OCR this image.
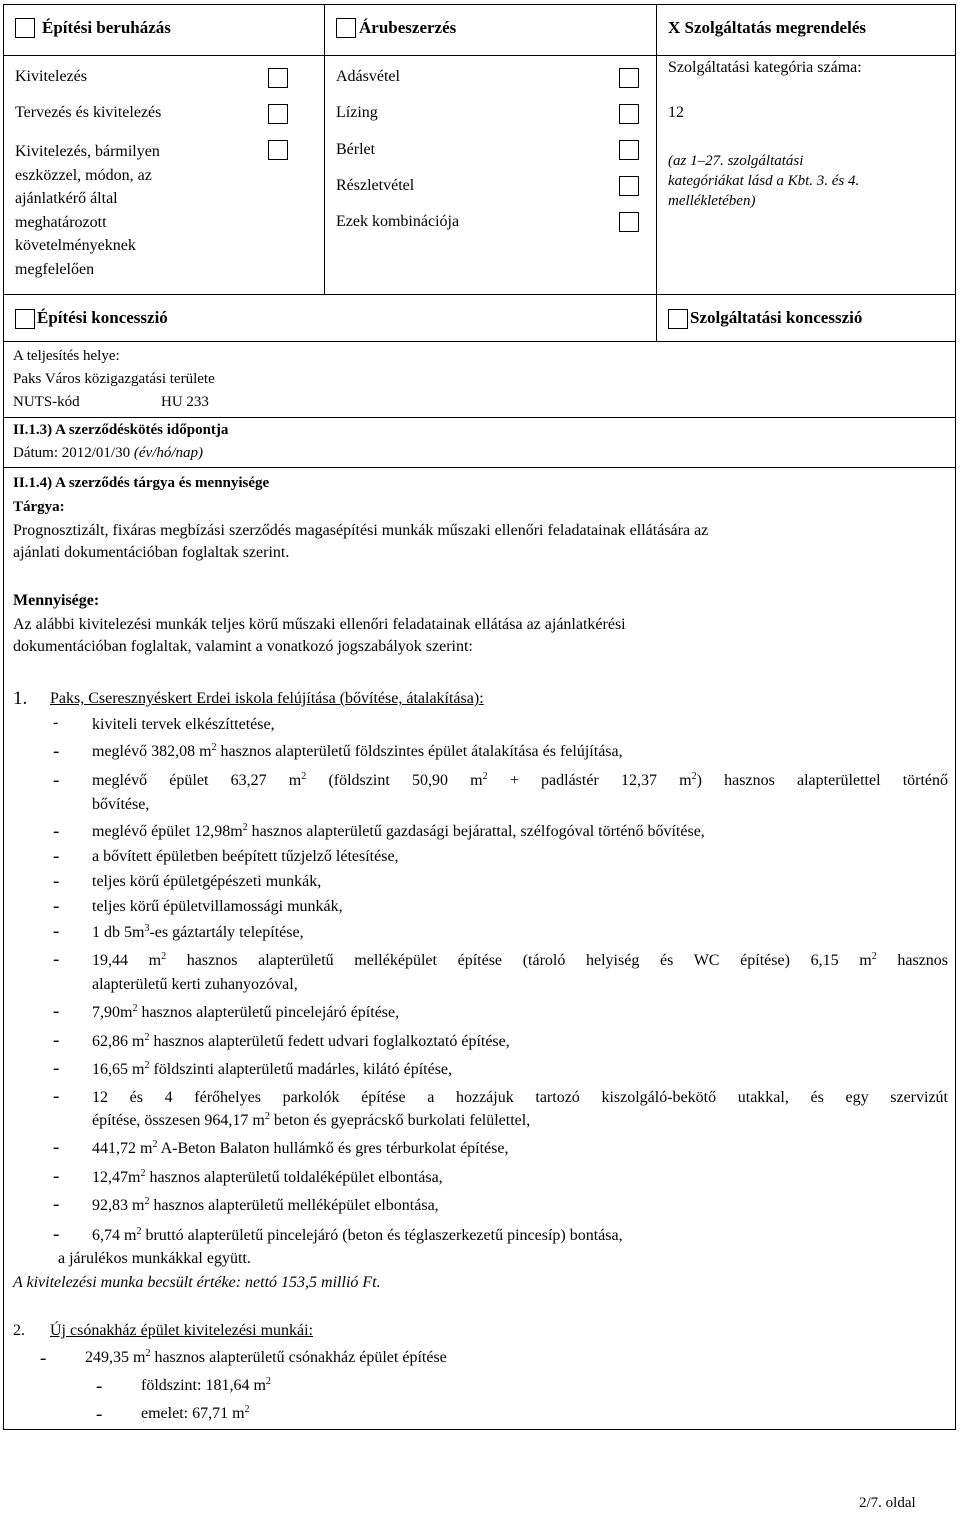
Építési beruházás	Árubeszerzés	X Szolgáltatás megrendelés
Kivitelezés
Tervezés és kivitelezés
Kivitelezés, bármilyen
eszközzel, módon, az
ajánlatkérő által
meghatározott
követelményeknek
megfelelően
Adásvétel
Lízing
Bérlet
Részletvétel
Ezek kombinációja
Szolgáltatási kategória száma:
12
(az 1–27. szolgáltatási
kategóriákat lásd a Kbt. 3. és 4.
mellékletében)
Építési koncesszió	Szolgáltatási koncesszió
A teljesítés helye:
Paks Város közigazgatási területe
NUTS-kód	HU 233
II.1.3) A szerződéskötés időpontja
Dátum: 2012/01/30 (év/hó/nap)
II.1.4) A szerződés tárgya és mennyisége
Tárgya:
Prognosztizált, fixáras megbízási szerződés magasépítési munkák műszaki ellenőri feladatainak ellátására az
ajánlati dokumentációban foglaltak szerint.
Mennyisége:
Az alábbi kivitelezési munkák teljes körű műszaki ellenőri feladatainak ellátása az ajánlatkérési
dokumentációban foglaltak, valamint a vonatkozó jogszabályok szerint:
1. Paks, Cseresznyéskert Erdei iskola felújítása (bővítése, átalakítása):
- kiviteli tervek elkészíttetése,
- meglévő 382,08 $m^2$ hasznos alapterületű földszintes épület átalakítása és felújítása,
- meglévő épület 63,27 $m^2$ (földszint 50,90 $m^2$ + padlástér 12,37 $m^2$) hasznos alapterülettel történő
bővítése,
- meglévő épület $12,98m^2$ hasznos alapterületű gazdasági bejárattal, szélfogóval történő bővítése,
- a bővített épületben beépített tűzjelző létesítése,
- teljes körű épületgépészeti munkák,
- teljes körű épületvillamossági munkák,
- 1 db $5m^3-es$ gáztartály telepítése,
- 19,44 $m^2$ hasznos alapterületű melléképület építése (tároló helyiség és WC építése) 6,15 $m^2$ hasznos
alapterületű kerti zuhanyozóval,
- $7,90m^2$ hasznos alapterületű pincelejáró építése,
- 62,86 $m^2$ hasznos alapterületű fedett udvari foglalkoztató építése,
- 16,65 $m^2$ földszinti alapterületű madárles, kilátó építése,
- 12 és 4 férőhelyes parkolók építése a hozzájuk tartozó kiszolgáló-bekötő utakkal, és egy szervizút
építése, összesen 964,17 $m^2$ beton és gyeprácskő burkolati felülettel,
- 441,72 $m^2$ A-Beton Balaton hullámkő és gres térburkolat építése,
- $12,47m^2$ hasznos alapterületű toldaléképület elbontása,
- 92,83 $m^2$ hasznos alapterületű melléképület elbontása,
- 6,74 $m^2$ bruttó alapterületű pincelejáró (beton és téglaszerkezetű pincesíp) bontása,
a járulékos munkákkal együtt.
A kivitelezési munka becsült értéke: nettó 153,5 millió Ft.
2. Új csónakház épület kivitelezési munkái:
- 249,35 $m^2$ hasznos alapterületű csónakház épület építése
- földszint: 181,64 $m^2$
- emelet: 67,71 $m^2$
2/7. oldal
